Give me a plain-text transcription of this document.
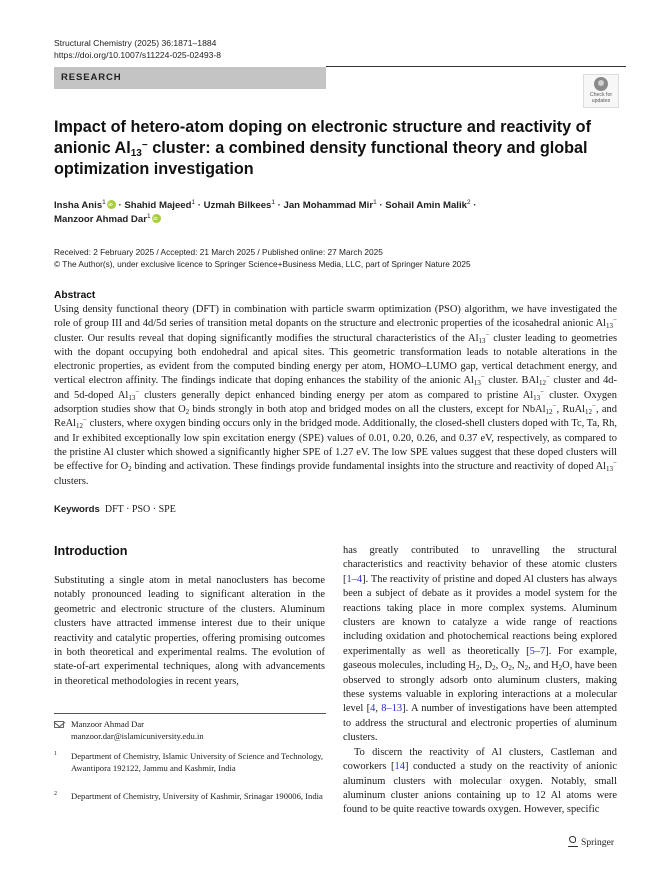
Structural Chemistry (2025) 36:1871–1884
https://doi.org/10.1007/s11224-025-02493-8
RESEARCH
Check for
updates
Impact of hetero-atom doping on electronic structure and reactivity of anionic $Al_{13}^-$ cluster: a combined density functional theory and global optimization investigation
Insha Anis$^1$iD · Shahid Majeed$^1$ · Uzmah Bilkees$^1$ · Jan Mohammad Mir$^1$ · Sohail Amin Malik$^2$ ·
Manzoor Ahmad Dar$^1$iD
Received: 2 February 2025 / Accepted: 21 March 2025 / Published online: 27 March 2025
© The Author(s), under exclusive licence to Springer Science+Business Media, LLC, part of Springer Nature 2025
Abstract
Using density functional theory (DFT) in combination with particle swarm optimization (PSO) algorithm, we have investigated the role of group III and 4d/5d series of transition metal dopants on the structure and electronic properties of the icosahedral anionic $Al_{13}^-$ cluster. Our results reveal that doping significantly modifies the structural characteristics of the $Al_{13}^-$ cluster leading to geometries with the dopant occupying both endohedral and apical sites. This geometric transformation leads to notable alterations in the electronic properties, as evident from the computed binding energy per atom, HOMO–LUMO gap, vertical detachment energy, and vertical electron affinity. The findings indicate that doping enhances the stability of the anionic $Al_{13}^-$ cluster. BAl$_{12}$− cluster and 4d- and 5d-doped $Al_{13}^-$ clusters generally depict enhanced binding energy per atom as compared to pristine $Al_{13}^-$ cluster. Oxygen adsorption studies show that $O_2$ binds strongly in both atop and bridged modes on all the clusters, except for NbAl$_{12}$−, RuAl$_{12}$−, and ReAl$_{12}$− clusters, where oxygen binding occurs only in the bridged mode. Additionally, the closed-shell clusters doped with Tc, Ta, Rh, and Ir exhibited exceptionally low spin excitation energy (SPE) values of 0.01, 0.20, 0.26, and 0.37 eV, respectively, as compared to the pristine Al cluster which showed a significantly higher SPE of 1.27 eV. The low SPE values suggest that these doped clusters will be effective for $O_2$ binding and activation. These findings provide fundamental insights into the structure and reactivity of doped $Al_{13}^-$ clusters.
Keywords DFT · PSO · SPE
Introduction
Substituting a single atom in metal nanoclusters has become notably pronounced leading to significant alteration in the geometric and electronic structure of the clusters. Aluminum clusters have attracted immense interest due to their unique reactivity and catalytic properties, offering promising outcomes in both theoretical and experimental realms. The evolution of state-of-art experimental techniques, along with advancements in theoretical methodologies in recent years,

has greatly contributed to unravelling the structural characteristics and reactivity behavior of these atomic clusters [1–4]. The reactivity of pristine and doped Al clusters has always been a subject of debate as it provides a model system for the reactions taking place in more complex systems. Aluminum clusters are known to catalyze a wide range of reactions including oxidation and photochemical reactions being explored experimentally as well as theoretically [5–7]. For example, gaseous molecules, including $H_2$, $D_2$, $O_2$, $N_2$, and $H_2O$, have been observed to strongly adsorb onto aluminum clusters, making these systems valuable in exploring interactions at a molecular level [4, 8–13]. A number of investigations have been attempted to address the structural and electronic properties of aluminum clusters.

To discern the reactivity of Al clusters, Castleman and coworkers [14] conducted a study on the reactivity of anionic aluminum clusters with molecular oxygen. Notably, small aluminum cluster anions containing up to 12 Al atoms were found to be quite reactive towards oxygen. However, specific

Manzoor Ahmad Dar
manzoor.dar@islamicuniversity.edu.in
1 Department of Chemistry, Islamic University of Science and Technology, Awantipora 192122, Jammu and Kashmir, India
2 Department of Chemistry, University of Kashmir, Srinagar 190006, India
Springer
